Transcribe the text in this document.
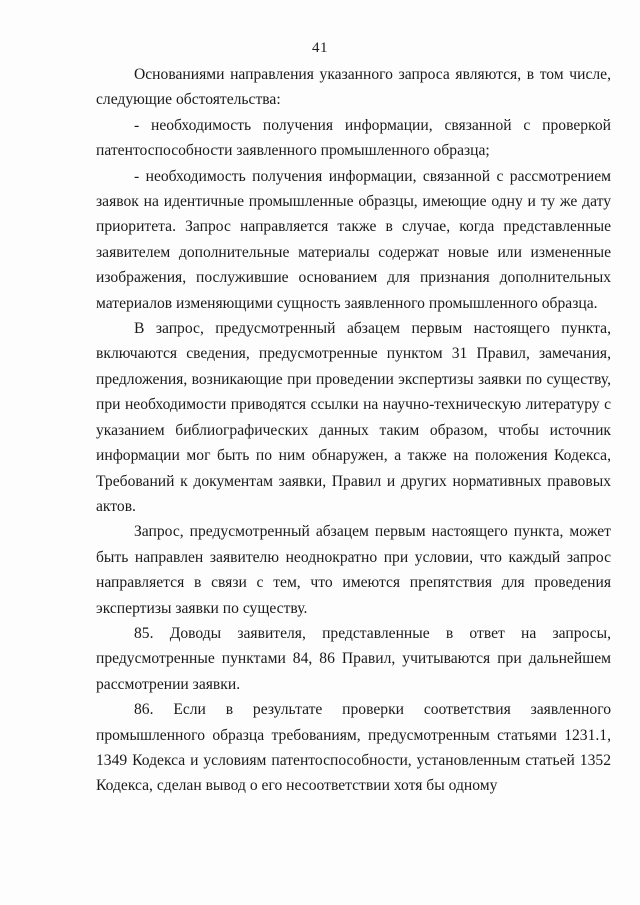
41

Основаниями направления указанного запроса являются, в том числе, следующие обстоятельства:

- необходимость получения информации, связанной с проверкой патентоспособности заявленного промышленного образца;

- необходимость получения информации, связанной с рассмотрением заявок на идентичные промышленные образцы, имеющие одну и ту же дату приоритета. Запрос направляется также в случае, когда представленные заявителем дополнительные материалы содержат новые или измененные изображения, послужившие основанием для признания дополнительных материалов изменяющими сущность заявленного промышленного образца.

В запрос, предусмотренный абзацем первым настоящего пункта, включаются сведения, предусмотренные пунктом 31 Правил, замечания, предложения, возникающие при проведении экспертизы заявки по существу, при необходимости приводятся ссылки на научно-техническую литературу с указанием библиографических данных таким образом, чтобы источник информации мог быть по ним обнаружен, а также на положения Кодекса, Требований к документам заявки, Правил и других нормативных правовых актов.

Запрос, предусмотренный абзацем первым настоящего пункта, может быть направлен заявителю неоднократно при условии, что каждый запрос направляется в связи с тем, что имеются препятствия для проведения экспертизы заявки по существу.

85. Доводы заявителя, представленные в ответ на запросы, предусмотренные пунктами 84, 86 Правил, учитываются при дальнейшем рассмотрении заявки.

86. Если в результате проверки соответствия заявленного промышленного образца требованиям, предусмотренным статьями 1231.1, 1349 Кодекса и условиям патентоспособности, установленным статьей 1352 Кодекса, сделан вывод о его несоответствии хотя бы одному
